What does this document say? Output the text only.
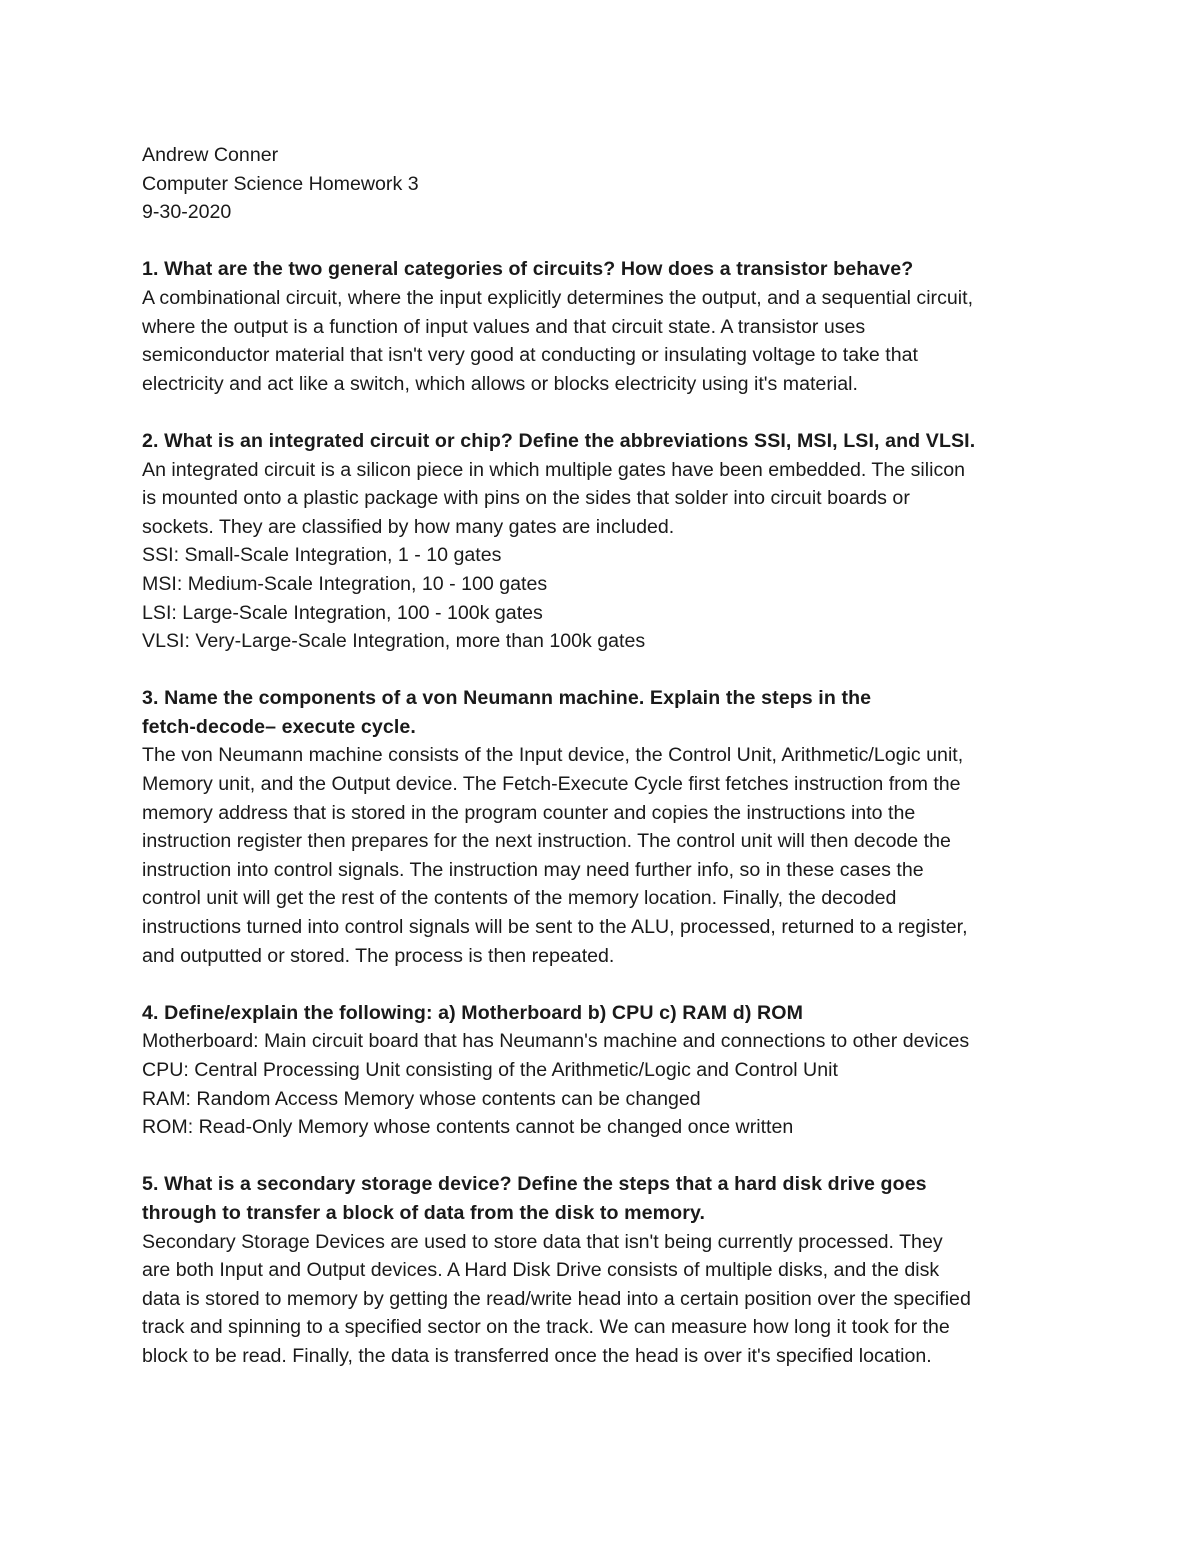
Andrew Conner
Computer Science Homework 3
9-30-2020
1. What are the two general categories of circuits? How does a transistor behave?
A combinational circuit, where the input explicitly determines the output, and a sequential circuit,
where the output is a function of input values and that circuit state. A transistor uses
semiconductor material that isn't very good at conducting or insulating voltage to take that
electricity and act like a switch, which allows or blocks electricity using it's material.
2. What is an integrated circuit or chip? Define the abbreviations SSI, MSI, LSI, and VLSI.
An integrated circuit is a silicon piece in which multiple gates have been embedded. The silicon
is mounted onto a plastic package with pins on the sides that solder into circuit boards or
sockets. They are classified by how many gates are included.
SSI: Small-Scale Integration, 1 - 10 gates
MSI: Medium-Scale Integration, 10 - 100 gates
LSI: Large-Scale Integration, 100 - 100k gates
VLSI: Very-Large-Scale Integration, more than 100k gates
3. Name the components of a von Neumann machine. Explain the steps in the
fetch-decode– execute cycle.
The von Neumann machine consists of the Input device, the Control Unit, Arithmetic/Logic unit,
Memory unit, and the Output device. The Fetch-Execute Cycle first fetches instruction from the
memory address that is stored in the program counter and copies the instructions into the
instruction register then prepares for the next instruction. The control unit will then decode the
instruction into control signals. The instruction may need further info, so in these cases the
control unit will get the rest of the contents of the memory location. Finally, the decoded
instructions turned into control signals will be sent to the ALU, processed, returned to a register,
and outputted or stored. The process is then repeated.
4. Define/explain the following: a) Motherboard b) CPU c) RAM d) ROM
Motherboard: Main circuit board that has Neumann's machine and connections to other devices
CPU: Central Processing Unit consisting of the Arithmetic/Logic and Control Unit
RAM: Random Access Memory whose contents can be changed
ROM: Read-Only Memory whose contents cannot be changed once written
5. What is a secondary storage device? Define the steps that a hard disk drive goes
through to transfer a block of data from the disk to memory.
Secondary Storage Devices are used to store data that isn't being currently processed. They
are both Input and Output devices. A Hard Disk Drive consists of multiple disks, and the disk
data is stored to memory by getting the read/write head into a certain position over the specified
track and spinning to a specified sector on the track. We can measure how long it took for the
block to be read. Finally, the data is transferred once the head is over it's specified location.
